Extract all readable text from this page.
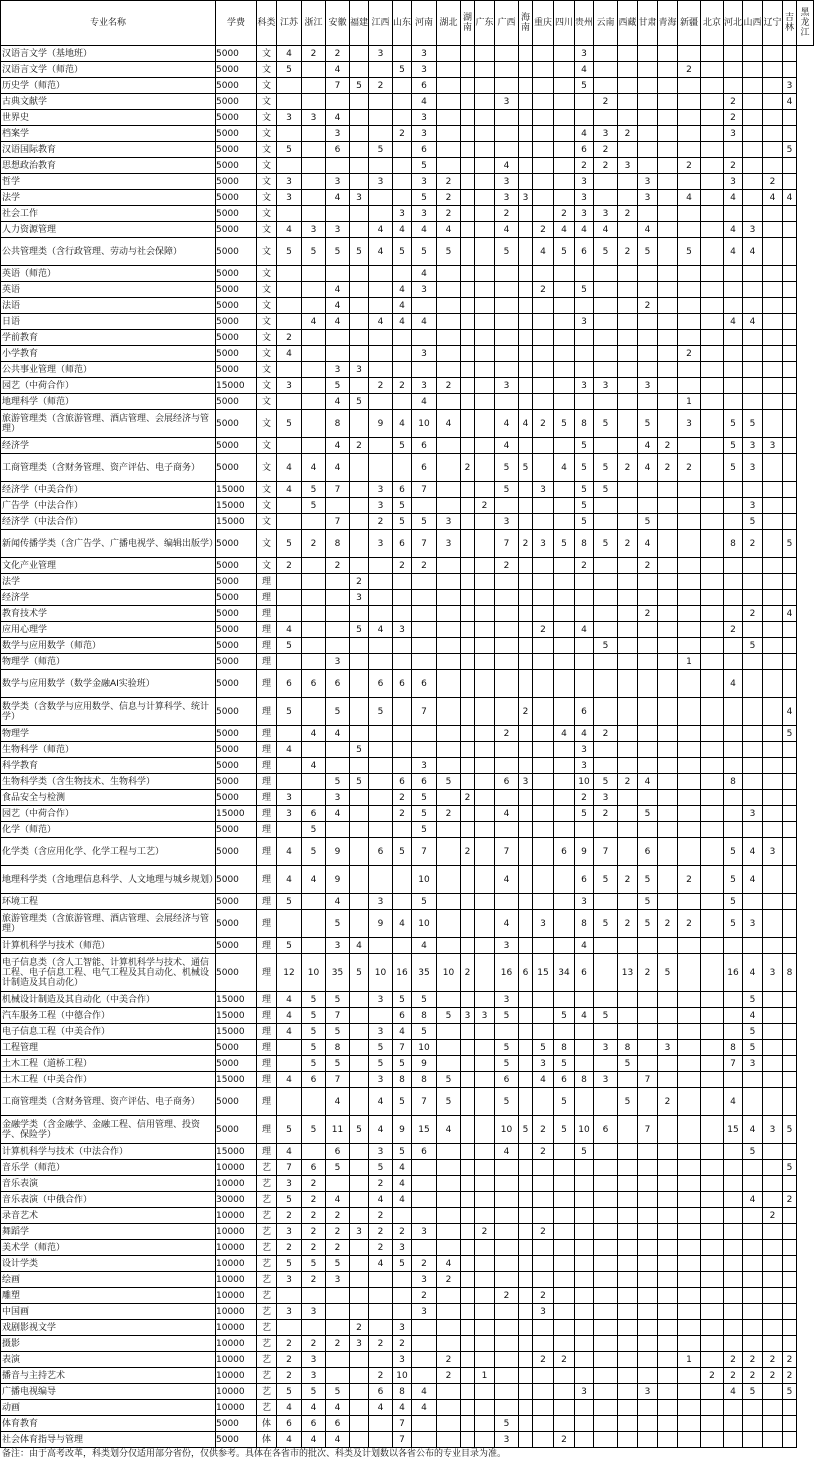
专业名称	学费	科类	江苏	浙江	安徽	福建	江西	山东	河南	湖北	湖南	广东	广西	海南	重庆	四川	贵州	云南	西藏	甘肃	青海	新疆	北京	河北	山西	辽宁	吉林	黑龙江
汉语言文学（基地班）	5000	文	4	2	2		3		3								3											
汉语言文学（师范）	5000	文	5		4			5	3								4					2						
历史学（师范）	5000	文			7	5	2		6								5										3	
古典文献学	5000	文							4				3					2						2			4	
世界史	5000	文	3	3	4				3															2				
档案学	5000	文			3			2	3								4	3	2					3				
汉语国际教育	5000	文	5		6		5		6								6	2									5	
思想政治教育	5000	文							5				4				2	2	3			2		2				
哲学	5000	文	3		3		3		3	2			3				3			3				3		2		
法学	5000	文	3		4	3			5	2			3	3			3			3		4		4		4	4	
社会工作	5000	文						3	3	2			2			2	3	3	2									
人力资源管理	5000	文	4	3	3		4	4	4	4			4		2	4	4	4		4				4	3			
公共管理类（含行政管理、劳动与社会保障）	5000	文	5	5	5	5	4	5	5	5			5		4	5	6	5	2	5		5		4	4			
英语（师范）	5000	文							4																			
英语	5000	文			4			4	3						2		5											
法语	5000	文			4			4												2								
日语	5000	文		4	4		4	4	4								3							4	4			
学前教育	5000	文	2																									
小学教育	5000	文	4						3													2						
公共事业管理（师范）	5000	文			3	3																						
园艺（中荷合作）	15000	文	3		5		2	2	3	2			3				3	3		3								
地理科学（师范）	5000	文			4	5			4													1						
旅游管理类（含旅游管理、酒店管理、会展经济与管理）	5000	文	5		8		9	4	10	4			4	4	2	5	8	5		5		3		5	5			
经济学	5000	文			4	2		5	6				4				5			4	2			5	3	3		
工商管理类（含财务管理、资产评估、电子商务）	5000	文	4	4	4				6		2		5	5		4	5	5	2	4	2	2		5	3			
经济学（中美合作）	15000	文	4	5	7		3	6	7				5		3		5	5										
广告学（中法合作）	15000	文		5			3	5				2					5								3			
经济学（中法合作）	15000	文			7		2	5	5	3			3				5			5					5			
新闻传播学类（含广告学、广播电视学、编辑出版学）	5000	文	5	2	8		3	6	7	3			7	2	3	5	8	5	2	4				8	2		5	
文化产业管理	5000	文	2		2			2	2				2				2			2								
法学	5000	理				2																						
经济学	5000	理				3																						
教育技术学	5000	理																		2					2		4	
应用心理学	5000	理	4			5	4	3							2		4							2				
数学与应用数学（师范）	5000	理	5															5							5			
物理学（师范）	5000	理			3																	1						
数学与应用数学（数学金融AI实验班）	5000	理	6	6	6		6	6	6															4				
数学类（含数学与应用数学、信息与计算科学、统计学）	5000	理	5		5		5		7					2			6										4	
物理学	5000	理		4	4								2			4	4	2									5	
生物科学（师范）	5000	理	4			5											3											
科学教育	5000	理		4					3								3											
生物科学类（含生物技术、生物科学）	5000	理			5	5		6	6	5			6	3			10	5	2	4				8				
食品安全与检测	5000	理	3		3			2	5		2						2	3										
园艺（中荷合作）	15000	理	3	6	4			2	5	2			4				5	2		5					3			
化学（师范）	5000	理		5					5																			
化学类（含应用化学、化学工程与工艺）	5000	理	4	5	9		6	5	7		2		7			6	9	7		6				5	4	3		
地理科学类（含地理信息科学、人文地理与城乡规划）	5000	理	4	4	9				10				4				6	5	2	5		2		5	4			
环境工程	5000	理	5		4		3		5								3			5				5				
旅游管理类（含旅游管理、酒店管理、会展经济与管理）	5000	理			5		9	4	10				4		3		8	5	2	5	2	2		5	3			
计算机科学与技术（师范）	5000	理	5		3	4			4				3				4											
电子信息类（含人工智能、计算机科学与技术、通信工程、电子信息工程、电气工程及其自动化、机械设计制造及其自动化）	5000	理	12	10	35	5	10	16	35	10	2		16	6	15	34	6		13	2	5			16	4	3	8	
机械设计制造及其自动化（中美合作）	15000	理	4	5	5		3	5	5				3												5			
汽车服务工程（中德合作）	15000	理	4	5	7			6	8	5	3	3	5			5	4	5							4			
电子信息工程（中美合作）	15000	理	4	5	5		3	4	5																5			
工程管理	5000	理		5	8		5	7	10				5		5	8		3	8		3			8	5			
土木工程（道桥工程）	5000	理		5	5		5	5	9				5		3	5			5					7	3			
土木工程（中美合作）	15000	理	4	6	7		3	8	8	5			6		4	6	8	3		7								
工商管理类（含财务管理、资产评估、电子商务）	5000	理			4		4	5	7	5			5			5			5		2			4				
金融学类（含金融学、金融工程、信用管理、投资学、保险学）	5000	理	5	5	11	5	4	9	15	4			10	5	2	5	10	6		7				15	4	3	5	
计算机科学与技术（中法合作）	15000	理	4		6		3	5	6				4		2		5								5			
音乐学（师范）	10000	艺	7	6	5		5	4																			5	
音乐表演	10000	艺	3	2			2	4																				
音乐表演（中俄合作）	30000	艺	5	2	4		4	4																	4		2	
录音艺术	10000	艺	2	2	2		2																			2		
舞蹈学	10000	艺	3	2	2	3	2	2	3			2			2													
美术学（师范）	10000	艺	2	2	2		2	3																				
设计学类	10000	艺	5	5	5		4	5	2	4																		
绘画	10000	艺	3	2	3				3	2																		
雕塑	10000	艺							2				2		2													
中国画	10000	艺	3	3					3						3													
戏剧影视文学	10000	艺				2		3																				
摄影	10000	艺	2	2	2	3	2	2																				
表演	10000	艺	2	3				3		2					2	2						1		2	2	2	2	
播音与主持艺术	10000	艺	2	3			2	10		2		1											2	2	2	2	2	
广播电视编导	10000	艺	5	5	5		6	8	4								3			3				4	5		5	
动画	10000	艺	4	4	4		4	4	4																			
体育教育	5000	体	6	6	6			7					5															
社会体育指导与管理	5000	体	4	4	4			7					3			2												
备注：由于高考改革，科类划分仅适用部分省份，仅供参考。具体在各省市的批次、科类及计划数以各省公布的专业目录为准。
